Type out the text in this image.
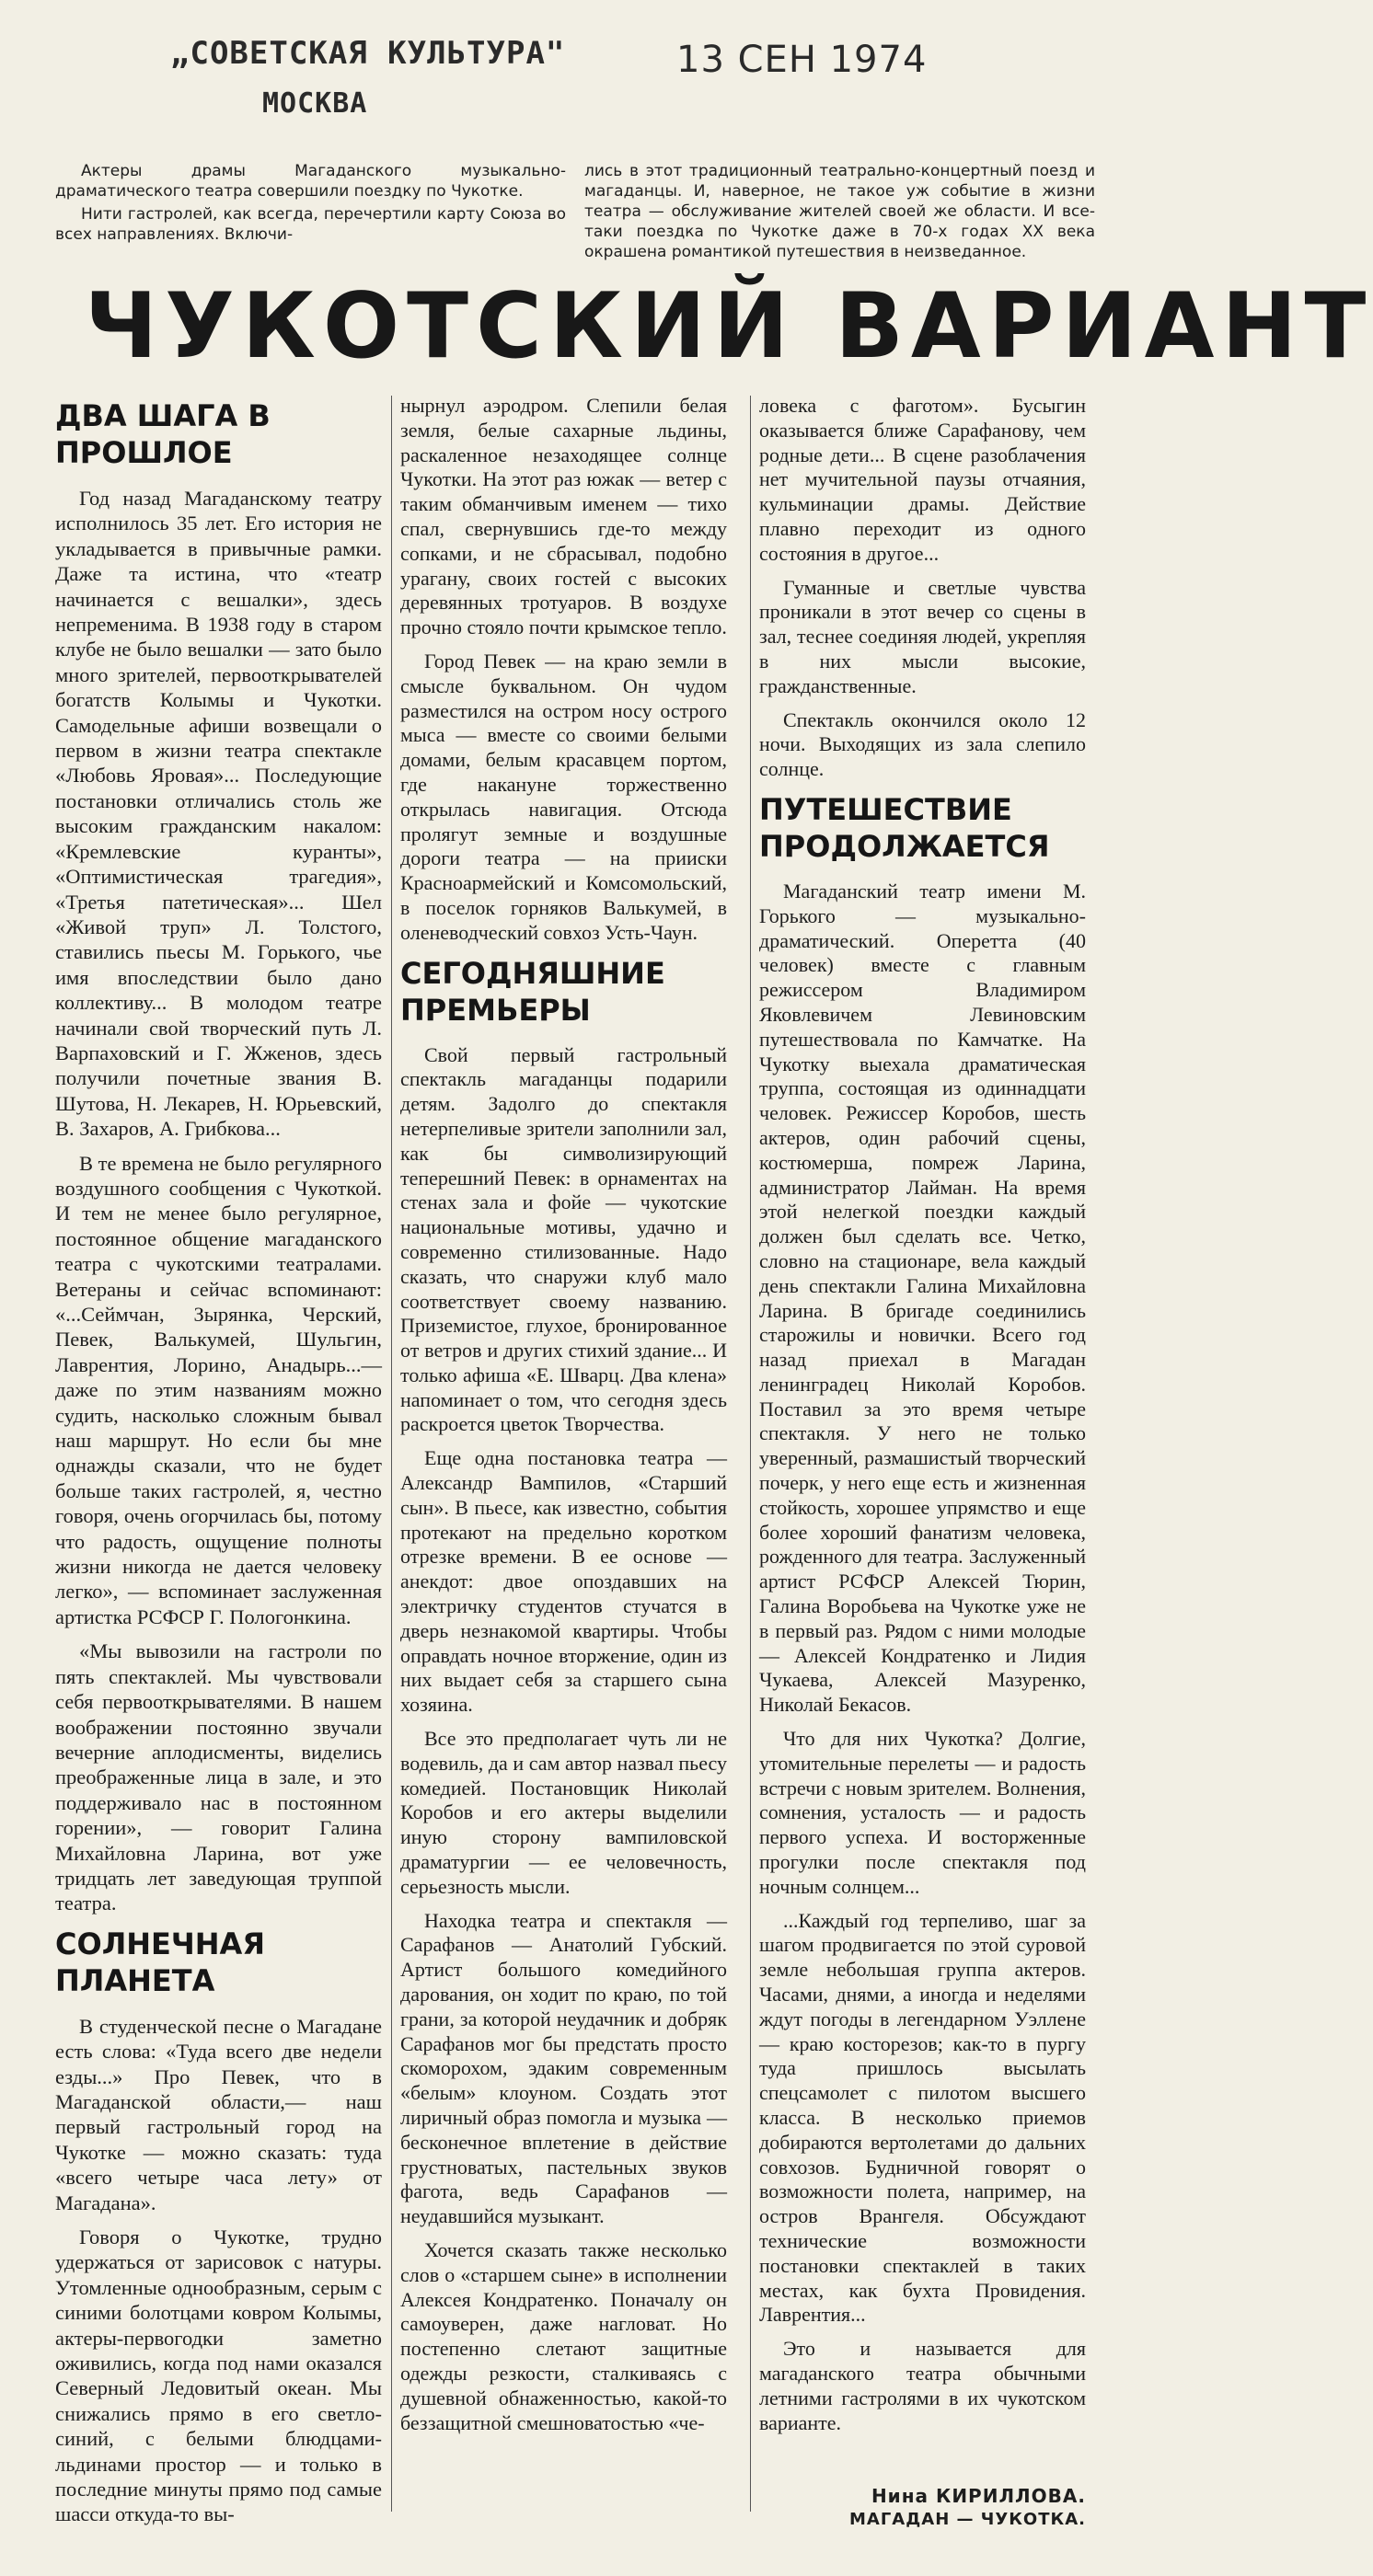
„СОВЕТСКАЯ КУЛЬТУРА"
МОСКВА
13 СЕН 1974

Актеры драмы Магаданского музыкально-драматического театра совершили поездку по Чукотке.

Нити гастролей, как всегда, перечертили карту Союза во всех направлениях. Включи-

лись в этот традиционный театрально-концертный поезд и магаданцы. И, наверное, не такое уж событие в жизни театра — обслуживание жителей своей же области. И все-таки поездка по Чукотке даже в 70-х годах XX века окрашена романтикой путешествия в неизведанное.

ЧУКОТСКИЙ ВАРИАНТ
ДВА ШАГА В ПРОШЛОЕ

Год назад Магаданскому театру исполнилось 35 лет. Его история не укладывается в привычные рамки. Даже та истина, что «театр начинается с вешалки», здесь непременима. В 1938 году в старом клубе не было вешалки — зато было много зрителей, первооткрывателей богатств Колымы и Чукотки. Самодельные афиши возвещали о первом в жизни театра спектакле «Любовь Яровая»... Последующие постановки отличались столь же высоким гражданским накалом: «Кремлевские куранты», «Оптимистическая трагедия», «Третья патетическая»... Шел «Живой труп» Л. Толстого, ставились пьесы М. Горького, чье имя впоследствии было дано коллективу... В молодом театре начинали свой творческий путь Л. Варпаховский и Г. Жженов, здесь получили почетные звания В. Шутова, Н. Лекарев, Н. Юрьевский, В. Захаров, А. Грибкова...

В те времена не было регулярного воздушного сообщения с Чукоткой. И тем не менее было регулярное, постоянное общение магаданского театра с чукотскими театралами. Ветераны и сейчас вспоминают: «...Сеймчан, Зырянка, Черский, Певек, Валькумей, Шульгин, Лаврентия, Лорино, Анадырь...— даже по этим названиям можно судить, насколько сложным бывал наш маршрут. Но если бы мне однажды сказали, что не будет больше таких гастролей, я, честно говоря, очень огорчилась бы, потому что радость, ощущение полноты жизни никогда не дается человеку легко», — вспоминает заслуженная артистка РСФСР Г. Пологонкина.

«Мы вывозили на гастроли по пять спектаклей. Мы чувствовали себя первооткрывателями. В нашем воображении постоянно звучали вечерние аплодисменты, виделись преображенные лица в зале, и это поддерживало нас в постоянном горении», — говорит Галина Михайловна Ларина, вот уже тридцать лет заведующая труппой театра.

СОЛНЕЧНАЯ ПЛАНЕТА

В студенческой песне о Магадане есть слова: «Туда всего две недели езды...» Про Певек, что в Магаданской области,— наш первый гастрольный город на Чукотке — можно сказать: туда «всего четыре часа лету» от Магадана».

Говоря о Чукотке, трудно удержаться от зарисовок с натуры. Утомленные однообразным, серым с синими болотцами ковром Колымы, актеры-первогодки заметно оживились, когда под нами оказался Северный Ледовитый океан. Мы снижались прямо в его светло-синий, с белыми блюдцами-льдинами простор — и только в последние минуты прямо под самые шасси откуда-то вы-

нырнул аэродром. Слепили белая земля, белые сахарные льдины, раскаленное незаходящее солнце Чукотки. На этот раз южак — ветер с таким обманчивым именем — тихо спал, свернувшись где-то между сопками, и не сбрасывал, подобно урагану, своих гостей с высоких деревянных тротуаров. В воздухе прочно стояло почти крымское тепло.

Город Певек — на краю земли в смысле буквальном. Он чудом разместился на остром носу острого мыса — вместе со своими белыми домами, белым красавцем портом, где накануне торжественно открылась навигация. Отсюда пролягут земные и воздушные дороги театра — на прииски Красноармейский и Комсомольский, в поселок горняков Валькумей, в оленеводческий совхоз Усть-Чаун.

СЕГОДНЯШНИЕ ПРЕМЬЕРЫ

Свой первый гастрольный спектакль магаданцы подарили детям. Задолго до спектакля нетерпеливые зрители заполнили зал, как бы символизирующий теперешний Певек: в орнаментах на стенах зала и фойе — чукотские национальные мотивы, удачно и современно стилизованные. Надо сказать, что снаружи клуб мало соответствует своему названию. Приземистое, глухое, бронированное от ветров и других стихий здание... И только афиша «Е. Шварц. Два клена» напоминает о том, что сегодня здесь раскроется цветок Творчества.

Еще одна постановка театра — Александр Вампилов, «Старший сын». В пьесе, как известно, события протекают на предельно коротком отрезке времени. В ее основе — анекдот: двое опоздавших на электричку студентов стучатся в дверь незнакомой квартиры. Чтобы оправдать ночное вторжение, один из них выдает себя за старшего сына хозяина.

Все это предполагает чуть ли не водевиль, да и сам автор назвал пьесу комедией. Постановщик Николай Коробов и его актеры выделили иную сторону вампиловской драматургии — ее человечность, серьезность мысли.

Находка театра и спектакля — Сарафанов — Анатолий Губский. Артист большого комедийного дарования, он ходит по краю, по той грани, за которой неудачник и добряк Сарафанов мог бы предстать просто скоморохом, эдаким современным «белым» клоуном. Создать этот лиричный образ помогла и музыка — бесконечное вплетение в действие грустноватых, пастельных звуков фагота, ведь Сарафанов — неудавшийся музыкант.

Хочется сказать также несколько слов о «старшем сыне» в исполнении Алексея Кондратенко. Поначалу он самоуверен, даже нагловат. Но постепенно слетают защитные одежды резкости, сталкиваясь с душевной обнаженностью, какой-то беззащитной смешноватостью «че-

ловека с фаготом». Бусыгин оказывается ближе Сарафанову, чем родные дети... В сцене разоблачения нет мучительной паузы отчаяния, кульминации драмы. Действие плавно переходит из одного состояния в другое...

Гуманные и светлые чувства проникали в этот вечер со сцены в зал, теснее соединяя людей, укрепляя в них мысли высокие, гражданственные.

Спектакль окончился около 12 ночи. Выходящих из зала слепило солнце.

ПУТЕШЕСТВИЕ ПРОДОЛЖАЕТСЯ

Магаданский театр имени М. Горького — музыкально-драматический. Оперетта (40 человек) вместе с главным режиссером Владимиром Яковлевичем Левиновским путешествовала по Камчатке. На Чукотку выехала драматическая труппа, состоящая из одиннадцати человек. Режиссер Коробов, шесть актеров, один рабочий сцены, костюмерша, помреж Ларина, администратор Лайман. На время этой нелегкой поездки каждый должен был сделать все. Четко, словно на стационаре, вела каждый день спектакли Галина Михайловна Ларина. В бригаде соединились старожилы и новички. Всего год назад приехал в Магадан ленинградец Николай Коробов. Поставил за это время четыре спектакля. У него не только уверенный, размашистый творческий почерк, у него еще есть и жизненная стойкость, хорошее упрямство и еще более хороший фанатизм человека, рожденного для театра. Заслуженный артист РСФСР Алексей Тюрин, Галина Воробьева на Чукотке уже не в первый раз. Рядом с ними молодые — Алексей Кондратенко и Лидия Чукаева, Алексей Мазуренко, Николай Бекасов.

Что для них Чукотка? Долгие, утомительные перелеты — и радость встречи с новым зрителем. Волнения, сомнения, усталость — и радость первого успеха. И восторженные прогулки после спектакля под ночным солнцем...

...Каждый год терпеливо, шаг за шагом продвигается по этой суровой земле небольшая группа актеров. Часами, днями, а иногда и неделями ждут погоды в легендарном Уэллене — краю косторезов; как-то в пургу туда пришлось высылать спецсамолет с пилотом высшего класса. В несколько приемов добираются вертолетами до дальних совхозов. Будничной говорят о возможности полета, например, на остров Врангеля. Обсуждают технические возможности постановки спектаклей в таких местах, как бухта Провидения. Лаврентия...

Это и называется для магаданского театра обычными летними гастролями в их чукотском варианте.

Нина КИРИЛЛОВА.
МАГАДАН — ЧУКОТКА.
